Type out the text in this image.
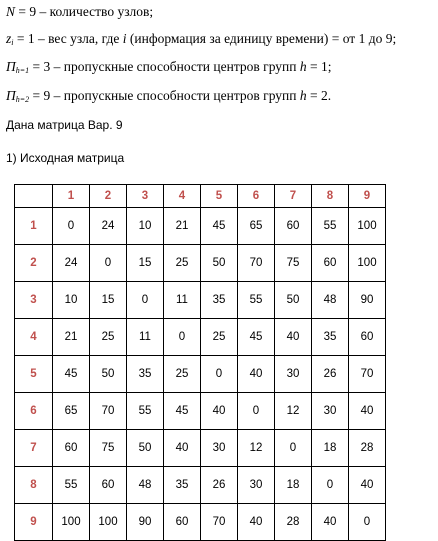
N = 9 – количество узлов;
$z_i = 1$ – вес узла, где i (информация за единицу времени) = от 1 до 9;
$П_{h=1} = 3$ – пропускные способности центров групп h = 1;
$П_{h=2} = 9$ – пропускные способности центров групп h = 2.
Дана матрица Вар. 9
1) Исходная матрица
	1	2	3	4	5	6	7	8	9
1	0	24	10	21	45	65	60	55	100
2	24	0	15	25	50	70	75	60	100
3	10	15	0	11	35	55	50	48	90
4	21	25	11	0	25	45	40	35	60
5	45	50	35	25	0	40	30	26	70
6	65	70	55	45	40	0	12	30	40
7	60	75	50	40	30	12	0	18	28
8	55	60	48	35	26	30	18	0	40
9	100	100	90	60	70	40	28	40	0
